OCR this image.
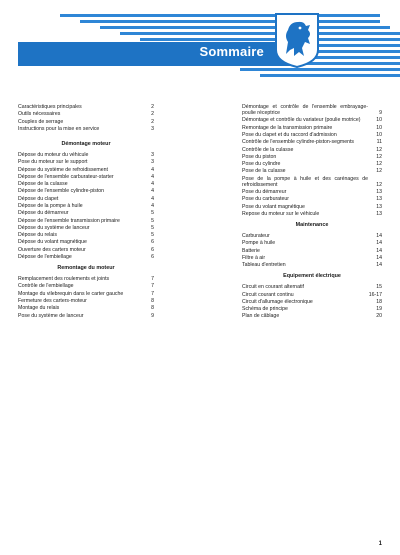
Sommaire
Caractéristiques principales	2
Outils nécessaires	2
Couples de serrage	2
Instructions pour la mise en service	3
Démontage moteur
Dépose du moteur du véhicule	3
Pose du moteur sur le support	3
Dépose du système de refroidissement	4
Dépose de l'ensemble carburateur-starter	4
Dépose de la culasse	4
Dépose de l'ensemble cylindre-piston	4
Dépose du clapet	4
Dépose de la pompe à huile	4
Dépose du démarreur	5
Dépose de l'ensemble transmission primaire	5
Dépose du système de lanceur	5
Dépose du relais	5
Dépose du volant magnétique	6
Ouverture des carters moteur	6
Dépose de l'embiellage	6
Remontage du moteur
Remplacement des roulements et joints	7
Contrôle de l'embiellage	7
Montage du vilebrequin dans le carter gauche	7
Fermeture des carters-moteur	8
Montage du relais	8
Pose du système de lanceur	9
Démontage et contrôle de l'ensemble embrayage-poulie réceptrice	9
Démontage et contrôle du variateur (poulie motrice)	10
Remontage de la transmission primaire	10
Pose du clapet et du raccord d'admission	10
Contrôle de l'ensemble cylindre-piston-segments	11
Contrôle de la culasse	12
Pose du piston	12
Pose du cylindre	12
Pose de la culasse	12
Pose de la pompe à huile et des carénages de refroidissement	12
Pose du démarreur	13
Pose du carburateur	13
Pose du volant magnétique	13
Repose du moteur sur le véhicule	13
Maintenance
Carburateur	14
Pompe à huile	14
Batterie	14
Filtre à air	14
Tableau d'entretien	14
Equipement électrique
Circuit en courant alternatif	15
Circuit courant continu	16-17
Circuit d'allumage électronique	18
Schéma de principe	19
Plan de câblage	20
1
